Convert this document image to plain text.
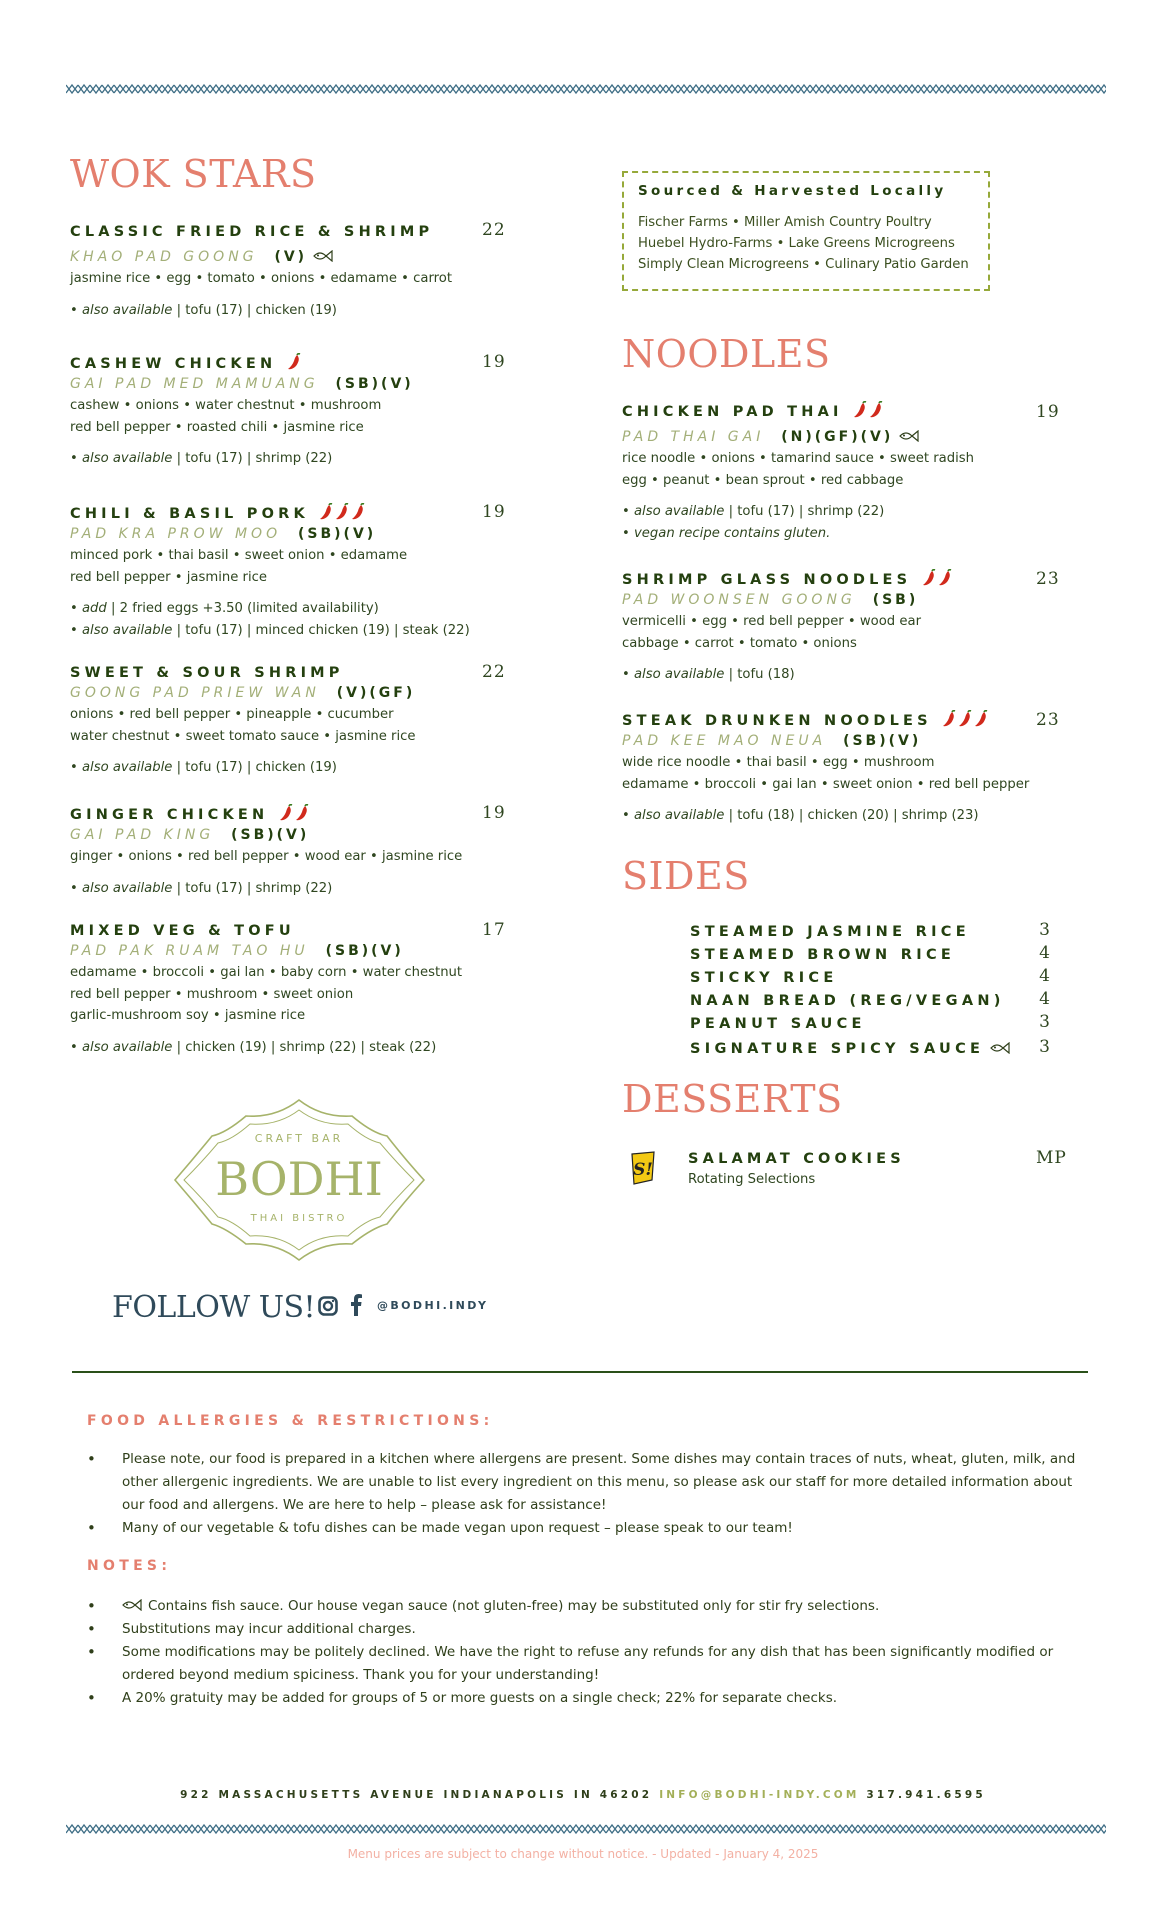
WOK STARS
CLASSIC FRIED RICE & SHRIMP
KHAO PAD GOONG (V)
jasmine rice • egg • tomato • onions • edamame • carrot
• also available | tofu (17) | chicken (19)
22
CASHEW CHICKEN
GAI PAD MED MAMUANG (SB)(V)
cashew • onions • water chestnut • mushroom
red bell pepper • roasted chili • jasmine rice
• also available | tofu (17) | shrimp (22)
19
CHILI & BASIL PORK
PAD KRA PROW MOO (SB)(V)
minced pork • thai basil • sweet onion • edamame
red bell pepper • jasmine rice
• add | 2 fried eggs +3.50 (limited availability)
• also available | tofu (17) | minced chicken (19) | steak (22)
19
SWEET & SOUR SHRIMP
GOONG PAD PRIEW WAN (V)(GF)
onions • red bell pepper • pineapple • cucumber
water chestnut • sweet tomato sauce • jasmine rice
• also available | tofu (17) | chicken (19)
22
GINGER CHICKEN
GAI PAD KING (SB)(V)
ginger • onions • red bell pepper • wood ear • jasmine rice
• also available | tofu (17) | shrimp (22)
19
MIXED VEG & TOFU
PAD PAK RUAM TAO HU (SB)(V)
edamame • broccoli • gai lan • baby corn • water chestnut
red bell pepper • mushroom • sweet onion
garlic-mushroom soy • jasmine rice
• also available | chicken (19) | shrimp (22) | steak (22)
17
CRAFT BAR
BODHI
THAI BISTRO
FOLLOW US!	@BODHI.INDY
Sourced & Harvested Locally
Fischer Farms • Miller Amish Country Poultry
Huebel Hydro-Farms • Lake Greens Microgreens
Simply Clean Microgreens • Culinary Patio Garden
NOODLES
CHICKEN PAD THAI
PAD THAI GAI (N)(GF)(V)
rice noodle • onions • tamarind sauce • sweet radish
egg • peanut • bean sprout • red cabbage
• also available | tofu (17) | shrimp (22)
• vegan recipe contains gluten.
19
SHRIMP GLASS NOODLES
PAD WOONSEN GOONG (SB)
vermicelli • egg • red bell pepper • wood ear
cabbage • carrot • tomato • onions
• also available | tofu (18)
23
STEAK DRUNKEN NOODLES
PAD KEE MAO NEUA (SB)(V)
wide rice noodle • thai basil • egg • mushroom
edamame • broccoli • gai lan • sweet onion • red bell pepper
• also available | tofu (18) | chicken (20) | shrimp (23)
23
SIDES
STEAMED JASMINE RICE	3
STEAMED BROWN RICE	4
STICKY RICE	4
NAAN BREAD (REG/VEGAN) 4
PEANUT SAUCE	3
SIGNATURE SPICY SAUCE	3
DESSERTS
S!
SALAMAT COOKIES
Rotating Selections
MP
FOOD ALLERGIES & RESTRICTIONS:
• Please note, our food is prepared in a kitchen where allergens are present. Some dishes may contain traces of nuts, wheat, gluten, milk, and other allergenic ingredients. We are unable to list every ingredient on this menu, so please ask our staff for more detailed information about our food and allergens. We are here to help – please ask for assistance!
• Many of our vegetable & tofu dishes can be made vegan upon request – please speak to our team!
NOTES:
• Contains fish sauce. Our house vegan sauce (not gluten-free) may be substituted only for stir fry selections.
• Substitutions may incur additional charges.
• Some modifications may be politely declined. We have the right to refuse any refunds for any dish that has been significantly modified or ordered beyond medium spiciness. Thank you for your understanding!
• A 20% gratuity may be added for groups of 5 or more guests on a single check; 22% for separate checks.
922 MASSACHUSETTS AVENUE INDIANAPOLIS IN 46202 INFO@BODHI-INDY.COM 317.941.6595
Menu prices are subject to change without notice. - Updated - January 4, 2025
